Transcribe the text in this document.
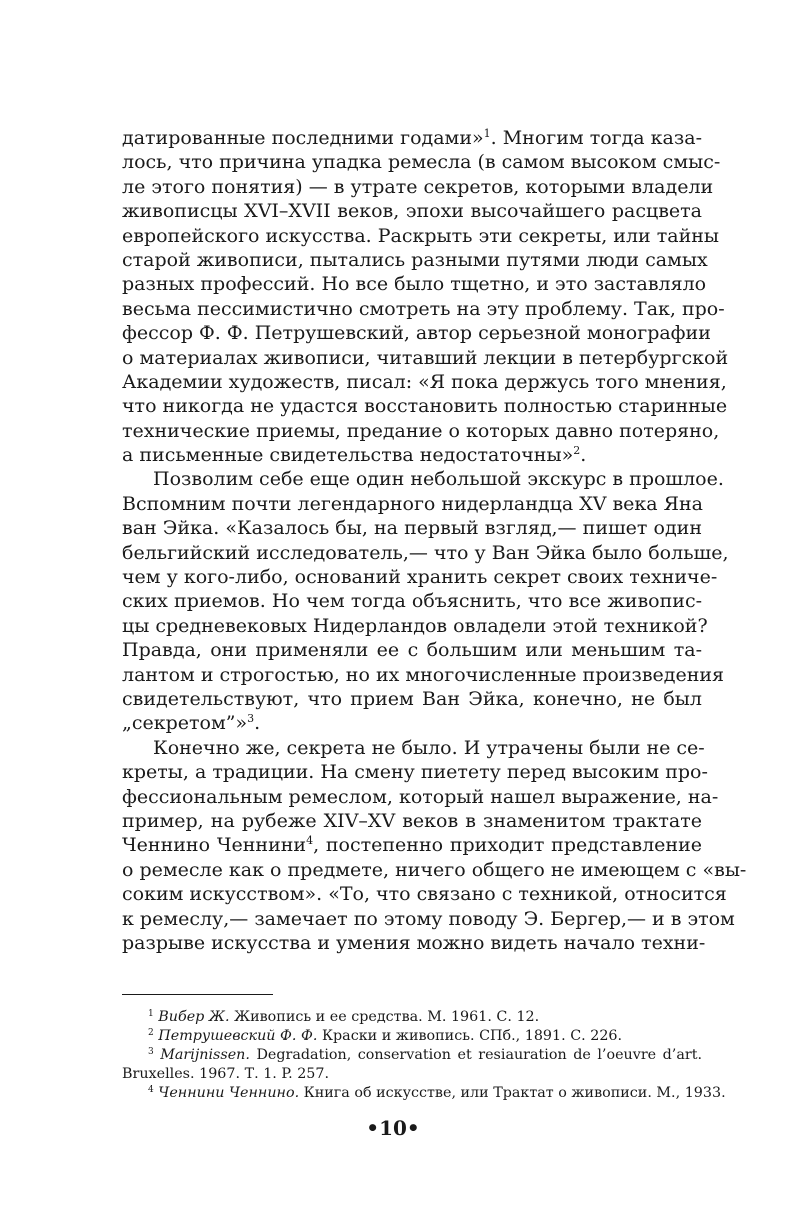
датированные последними годами»$^1$. Многим тогда каза-
лось, что причина упадка ремесла (в самом высоком смыс-
ле этого понятия) — в утрате секретов, которыми владели
живописцы XVI–XVII веков, эпохи высочайшего расцвета
европейского искусства. Раскрыть эти секреты, или тайны
старой живописи, пытались разными путями люди самых
разных профессий. Но все было тщетно, и это заставляло
весьма пессимистично смотреть на эту проблему. Так, про-
фессор Ф. Ф. Петрушевский, автор серьезной монографии
о материалах живописи, читавший лекции в петербургской
Академии художеств, писал: «Я пока держусь того мнения,
что никогда не удастся восстановить полностью старинные
технические приемы, предание о которых давно потеряно,
а письменные свидетельства недостаточны»$^2$.
Позволим себе еще один небольшой экскурс в прошлое.
Вспомним почти легендарного нидерландца XV века Яна
ван Эйка. «Казалось бы, на первый взгляд,— пишет один
бельгийский исследователь,— что у Ван Эйка было больше,
чем у кого-либо, оснований хранить секрет своих техниче-
ских приемов. Но чем тогда объяснить, что все живопис-
цы средневековых Нидерландов овладели этой техникой?
Правда, они применяли ее с большим или меньшим та-
лантом и строгостью, но их многочисленные произведения
свидетельствуют, что прием Ван Эйка, конечно, не был
„секретом”»$^3$.
Конечно же, секрета не было. И утрачены были не се-
креты, а традиции. На смену пиетету перед высоким про-
фессиональным ремеслом, который нашел выражение, на-
пример, на рубеже XIV–XV веков в знаменитом трактате
Ченнино Ченнини$^4$, постепенно приходит представление
о ремесле как о предмете, ничего общего не имеющем с «вы-
соким искусством». «То, что связано с техникой, относится
к ремеслу,— замечает по этому поводу Э. Бергер,— и в этом
разрыве искусства и умения можно видеть начало техни-
$^1$ Вибер Ж. Живопись и ее средства. М. 1961. С. 12.
$^2$ Петрушевский Ф. Ф. Краски и живопись. СПб., 1891. С. 226.
$^3$ Marijnissen. Degradation, conservation et resiauration de l’oeuvre d’art.
Bruxelles. 1967. Т. 1. P. 257.
$^4$ Ченнини Ченнино. Книга об искусстве, или Трактат о живописи. М., 1933.
•10•
